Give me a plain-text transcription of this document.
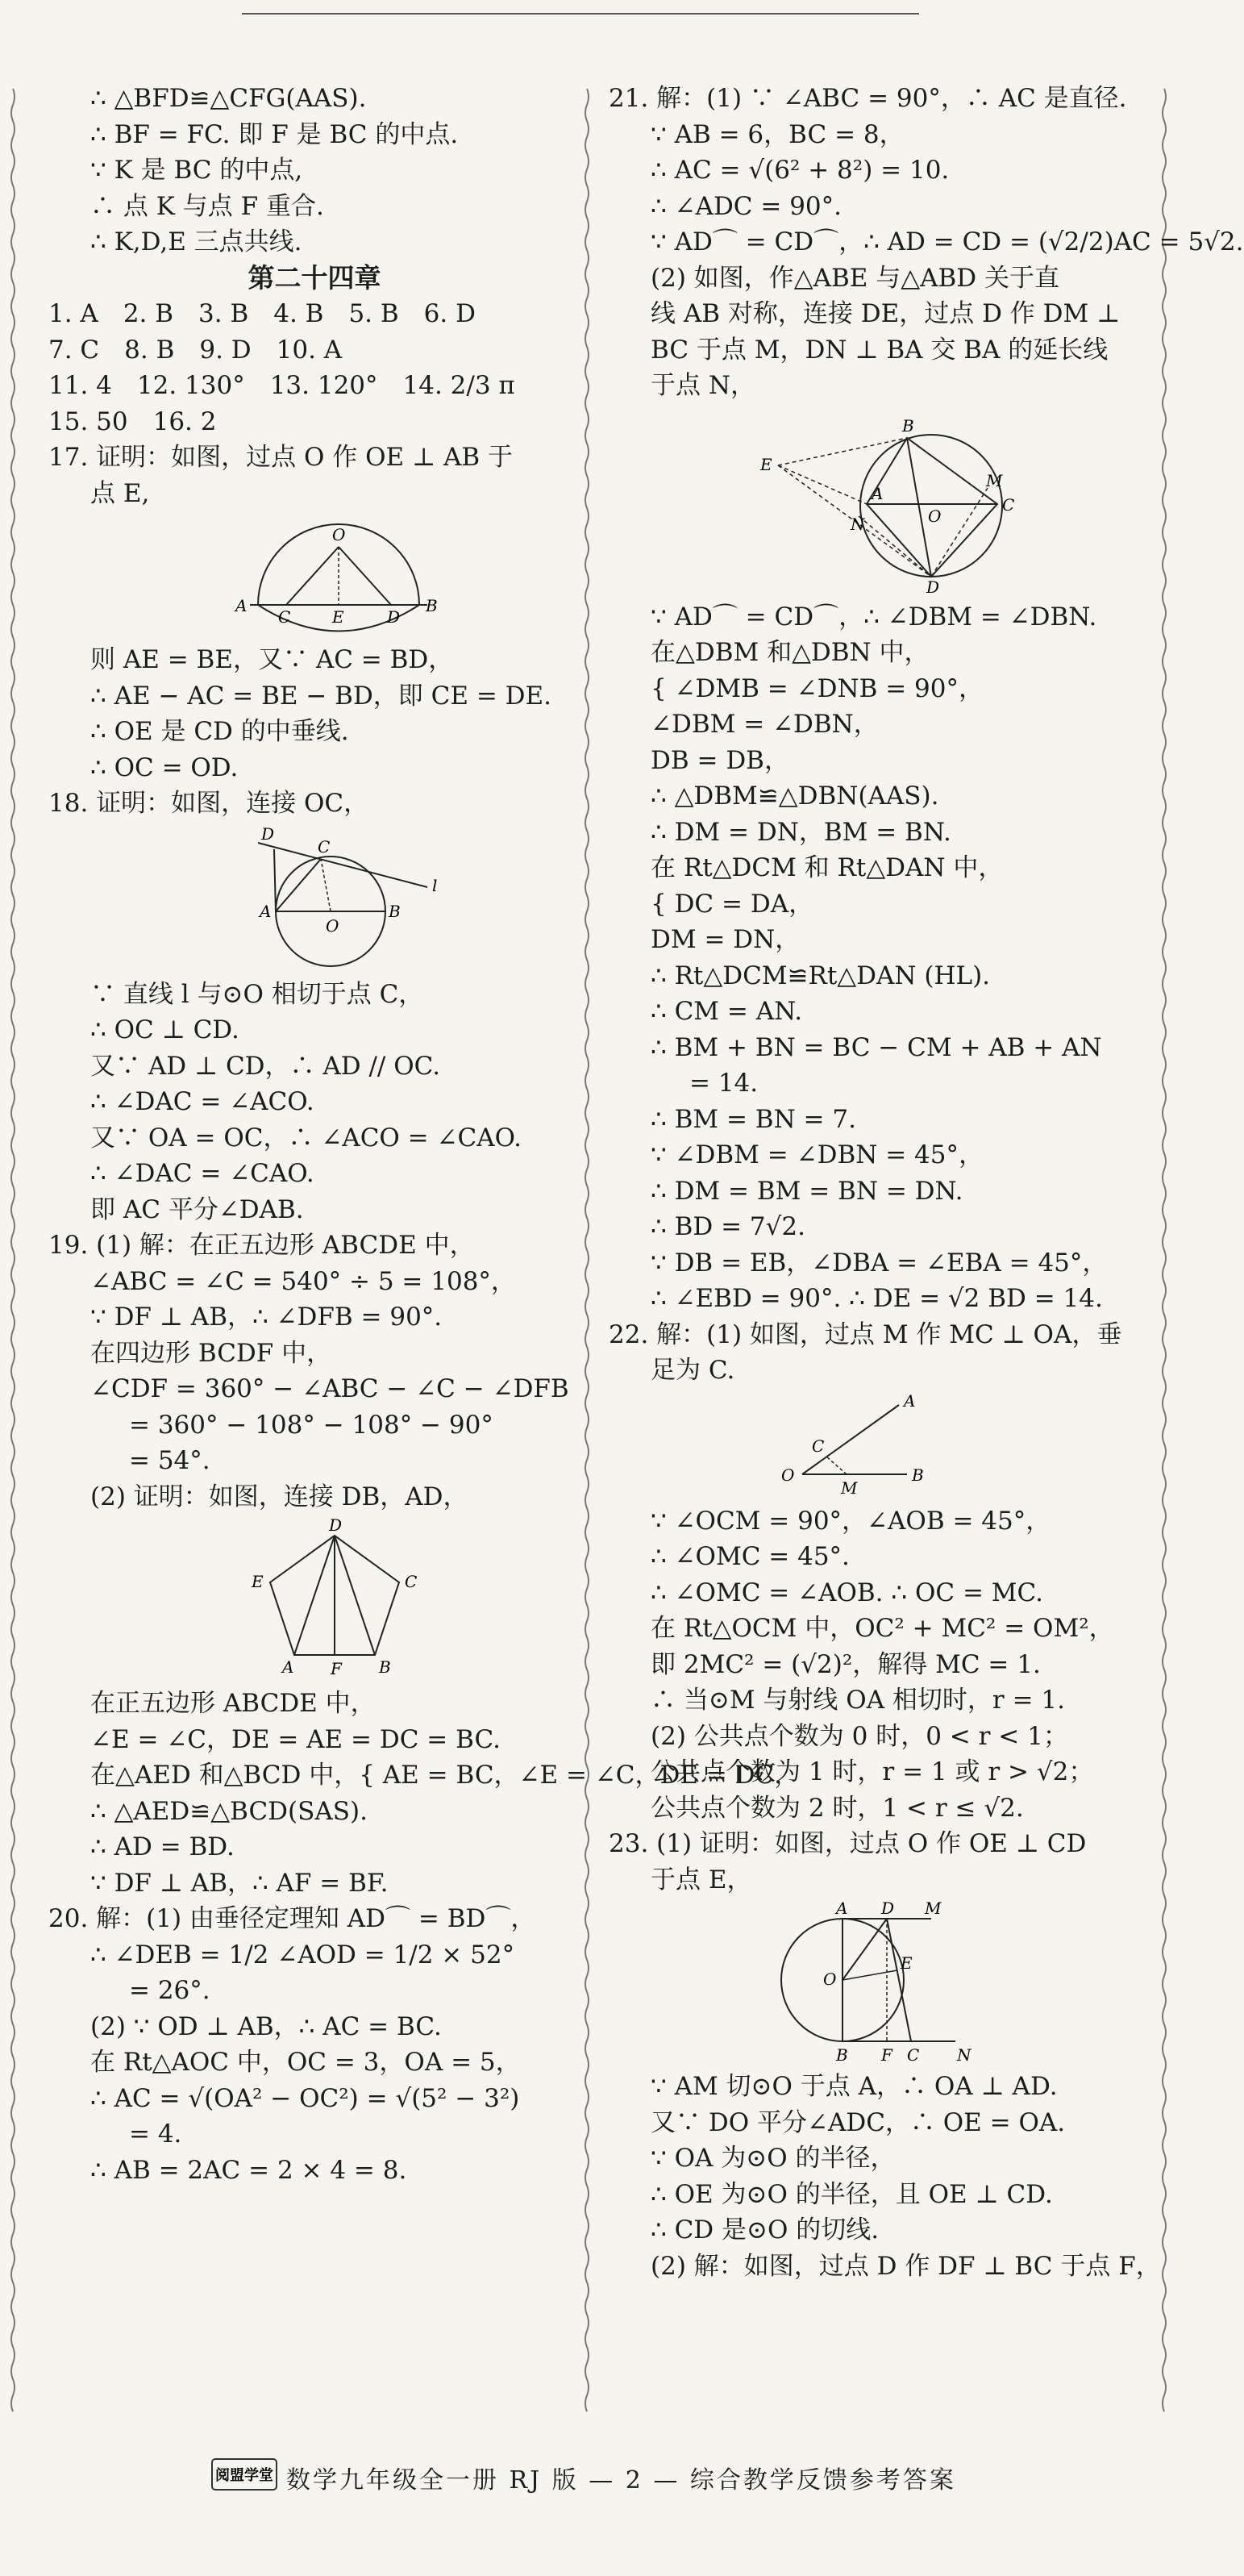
∴ △BFD≌△CFG(AAS).
∴ BF = FC. 即 F 是 BC 的中点.
∵ K 是 BC 的中点,
∴ 点 K 与点 F 重合.
∴ K,D,E 三点共线.
第二十四章
1. A　2. B　3. B　4. B　5. B　6. D
7. C　8. B　9. D　10. A
11. 4　12. 130°　13. 120°　14. 2/3 π
15. 50　16. 2
17. 证明：如图，过点 O 作 OE ⊥ AB 于
点 E,
O
A
C	E	D
B
则 AE = BE，又∵ AC = BD，
∴ AE − AC = BE − BD，即 CE = DE.
∴ OE 是 CD 的中垂线.
∴ OC = OD.
18. 证明：如图，连接 OC，
D
C
l
A
O
B
∵ 直线 l 与⊙O 相切于点 C，
∴ OC ⊥ CD.
又∵ AD ⊥ CD，∴ AD // OC.
∴ ∠DAC = ∠ACO.
又∵ OA = OC，∴ ∠ACO = ∠CAO.
∴ ∠DAC = ∠CAO.
即 AC 平分∠DAB.
19. (1) 解：在正五边形 ABCDE 中，
∠ABC = ∠C = 540° ÷ 5 = 108°，
∵ DF ⊥ AB，∴ ∠DFB = 90°.
在四边形 BCDF 中，
∠CDF = 360° − ∠ABC − ∠C − ∠DFB
= 360° − 108° − 108° − 90°
= 54°.
(2) 证明：如图，连接 DB，AD，
D
E	C
A F B
在正五边形 ABCDE 中，
∠E = ∠C，DE = AE = DC = BC.
在△AED 和△BCD 中，{ AE = BC，∠E = ∠C，DE = DC，
∴ △AED≌△BCD(SAS).
∴ AD = BD.
∵ DF ⊥ AB，∴ AF = BF.
20. 解：(1) 由垂径定理知 AD⌒ = BD⌒，
∴ ∠DEB = 1/2 ∠AOD = 1/2 × 52°
= 26°.
(2) ∵ OD ⊥ AB，∴ AC = BC.
在 Rt△AOC 中，OC = 3，OA = 5，
∴ AC = √(OA² − OC²) = √(5² − 3²)
= 4.
∴ AB = 2AC = 2 × 4 = 8.
21. 解：(1) ∵ ∠ABC = 90°，∴ AC 是直径.
∵ AB = 6，BC = 8，
∴ AC = √(6² + 8²) = 10.
∴ ∠ADC = 90°.
∵ AD⌒ = CD⌒，∴ AD = CD = (√2/2)AC = 5√2.
(2) 如图，作△ABE 与△ABD 关于直
线 AB 对称，连接 DE，过点 D 作 DM ⊥
BC 于点 M，DN ⊥ BA 交 BA 的延长线
于点 N，
B
E
A
O
M
C
N
D
∵ AD⌒ = CD⌒，∴ ∠DBM = ∠DBN.
在△DBM 和△DBN 中，
{ ∠DMB = ∠DNB = 90°，
∠DBM = ∠DBN，
DB = DB，
∴ △DBM≌△DBN(AAS).
∴ DM = DN，BM = BN.
在 Rt△DCM 和 Rt△DAN 中，
{ DC = DA，
DM = DN，
∴ Rt△DCM≌Rt△DAN (HL).
∴ CM = AN.
∴ BM + BN = BC − CM + AB + AN
= 14.
∴ BM = BN = 7.
∵ ∠DBM = ∠DBN = 45°，
∴ DM = BM = BN = DN.
∴ BD = 7√2.
∵ DB = EB，∠DBA = ∠EBA = 45°，
∴ ∠EBD = 90°. ∴ DE = √2 BD = 14.
22. 解：(1) 如图，过点 M 作 MC ⊥ OA，垂
足为 C.
A
C
O
M
B
∵ ∠OCM = 90°，∠AOB = 45°，
∴ ∠OMC = 45°.
∴ ∠OMC = ∠AOB. ∴ OC = MC.
在 Rt△OCM 中，OC² + MC² = OM²，
即 2MC² = (√2)²，解得 MC = 1.
∴ 当⊙M 与射线 OA 相切时，r = 1.
(2) 公共点个数为 0 时，0 < r < 1；
公共点个数为 1 时，r = 1 或 r > √2；
公共点个数为 2 时，1 < r ≤ √2.
23. (1) 证明：如图，过点 O 作 OE ⊥ CD
于点 E，
A D M
O
E
B F C N
∵ AM 切⊙O 于点 A，∴ OA ⊥ AD.
又∵ DO 平分∠ADC，∴ OE = OA.
∵ OA 为⊙O 的半径，
∴ OE 为⊙O 的半径，且 OE ⊥ CD.
∴ CD 是⊙O 的切线.
(2) 解：如图，过点 D 作 DF ⊥ BC 于点 F，
阅盟学堂 数学九年级全一册 RJ 版 — 2 — 综合教学反馈参考答案
